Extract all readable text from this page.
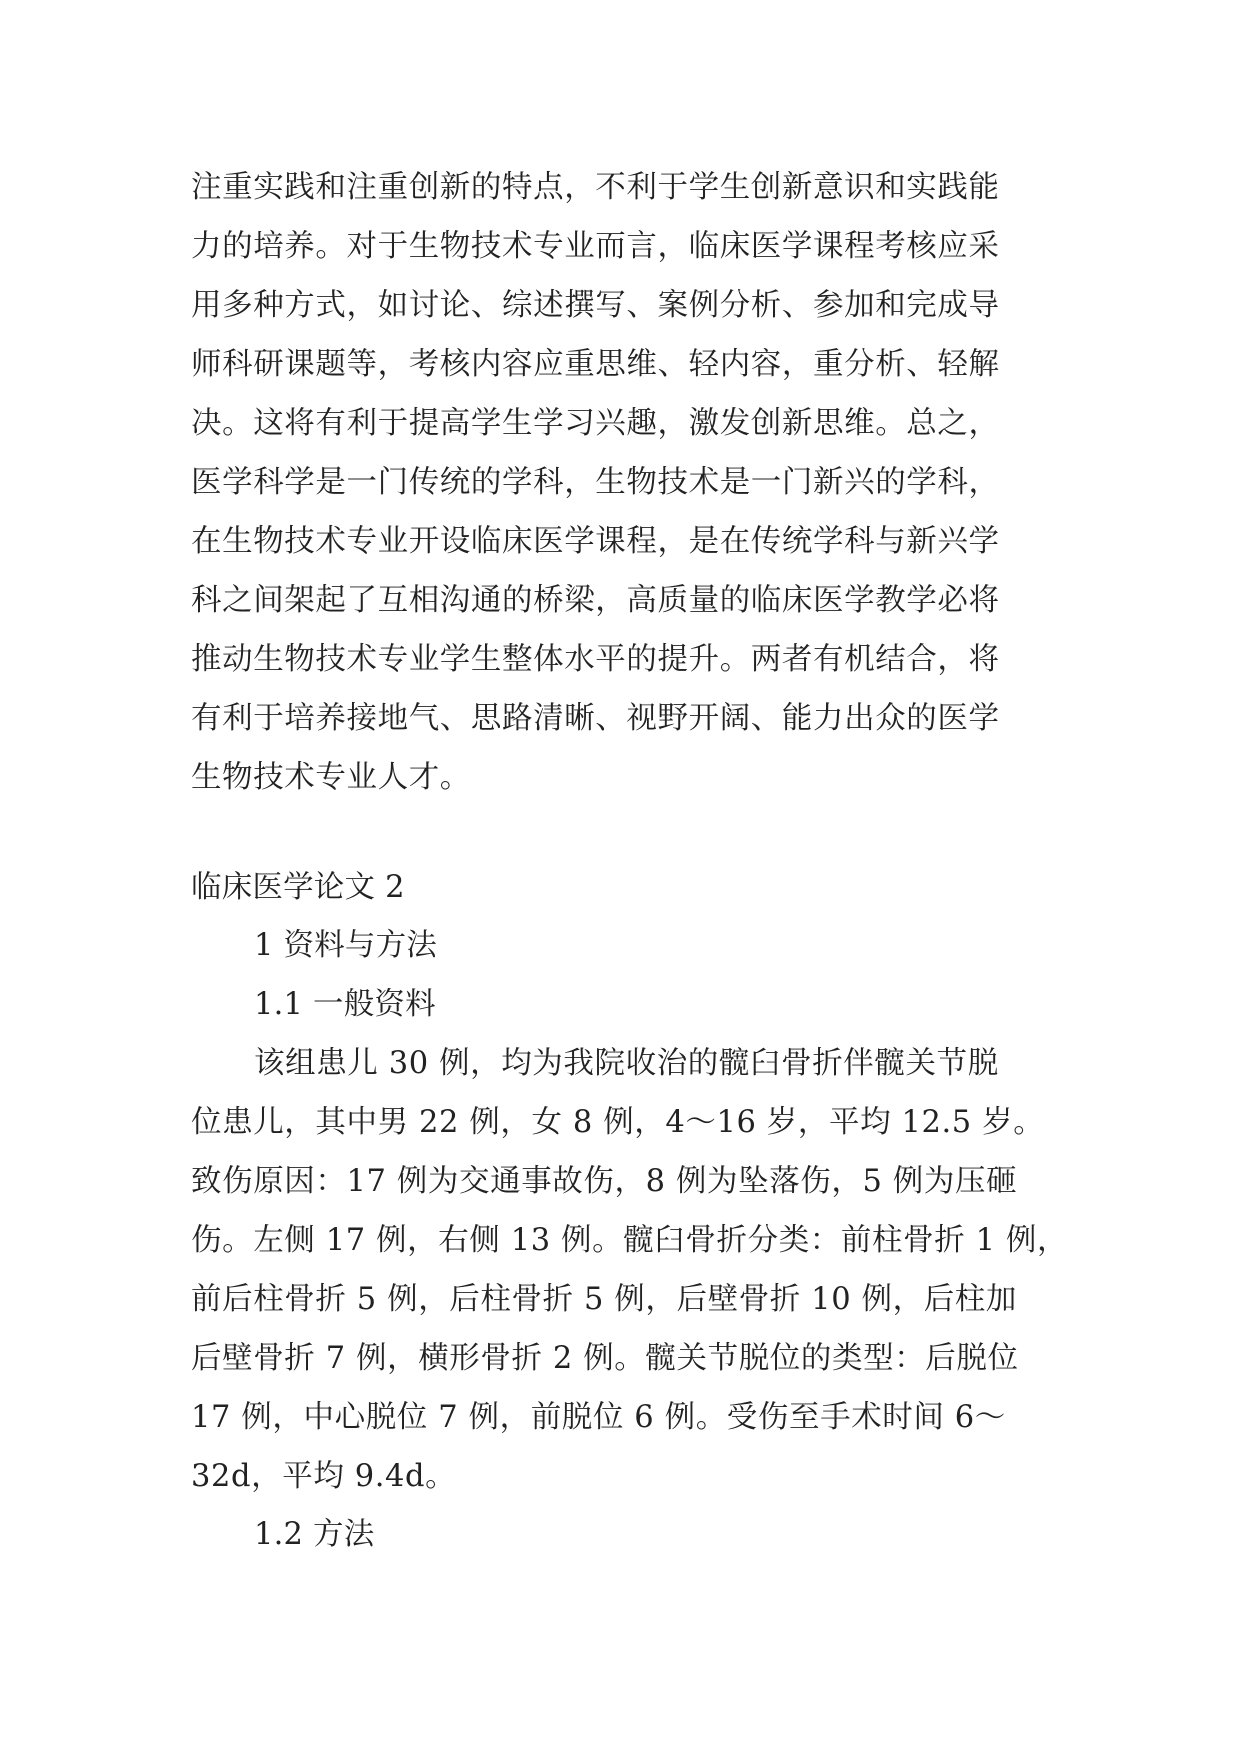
注重实践和注重创新的特点，不利于学生创新意识和实践能
力的培养。对于生物技术专业而言，临床医学课程考核应采
用多种方式，如讨论、综述撰写、案例分析、参加和完成导
师科研课题等，考核内容应重思维、轻内容，重分析、轻解
决。这将有利于提高学生学习兴趣，激发创新思维。总之，
医学科学是一门传统的学科，生物技术是一门新兴的学科，
在生物技术专业开设临床医学课程，是在传统学科与新兴学
科之间架起了互相沟通的桥梁，高质量的临床医学教学必将
推动生物技术专业学生整体水平的提升。两者有机结合，将
有利于培养接地气、思路清晰、视野开阔、能力出众的医学
生物技术专业人才。
临床医学论文 2
1 资料与方法
1.1 一般资料
该组患儿 30 例，均为我院收治的髋臼骨折伴髋关节脱
位患儿，其中男 22 例，女 8 例，4～16 岁，平均 12.5 岁。
致伤原因：17 例为交通事故伤，8 例为坠落伤，5 例为压砸
伤。左侧 17 例，右侧 13 例。髋臼骨折分类：前柱骨折 1 例，
前后柱骨折 5 例，后柱骨折 5 例，后壁骨折 10 例，后柱加
后壁骨折 7 例，横形骨折 2 例。髋关节脱位的类型：后脱位
17 例，中心脱位 7 例，前脱位 6 例。受伤至手术时间 6～
32d，平均 9.4d。
1.2 方法
